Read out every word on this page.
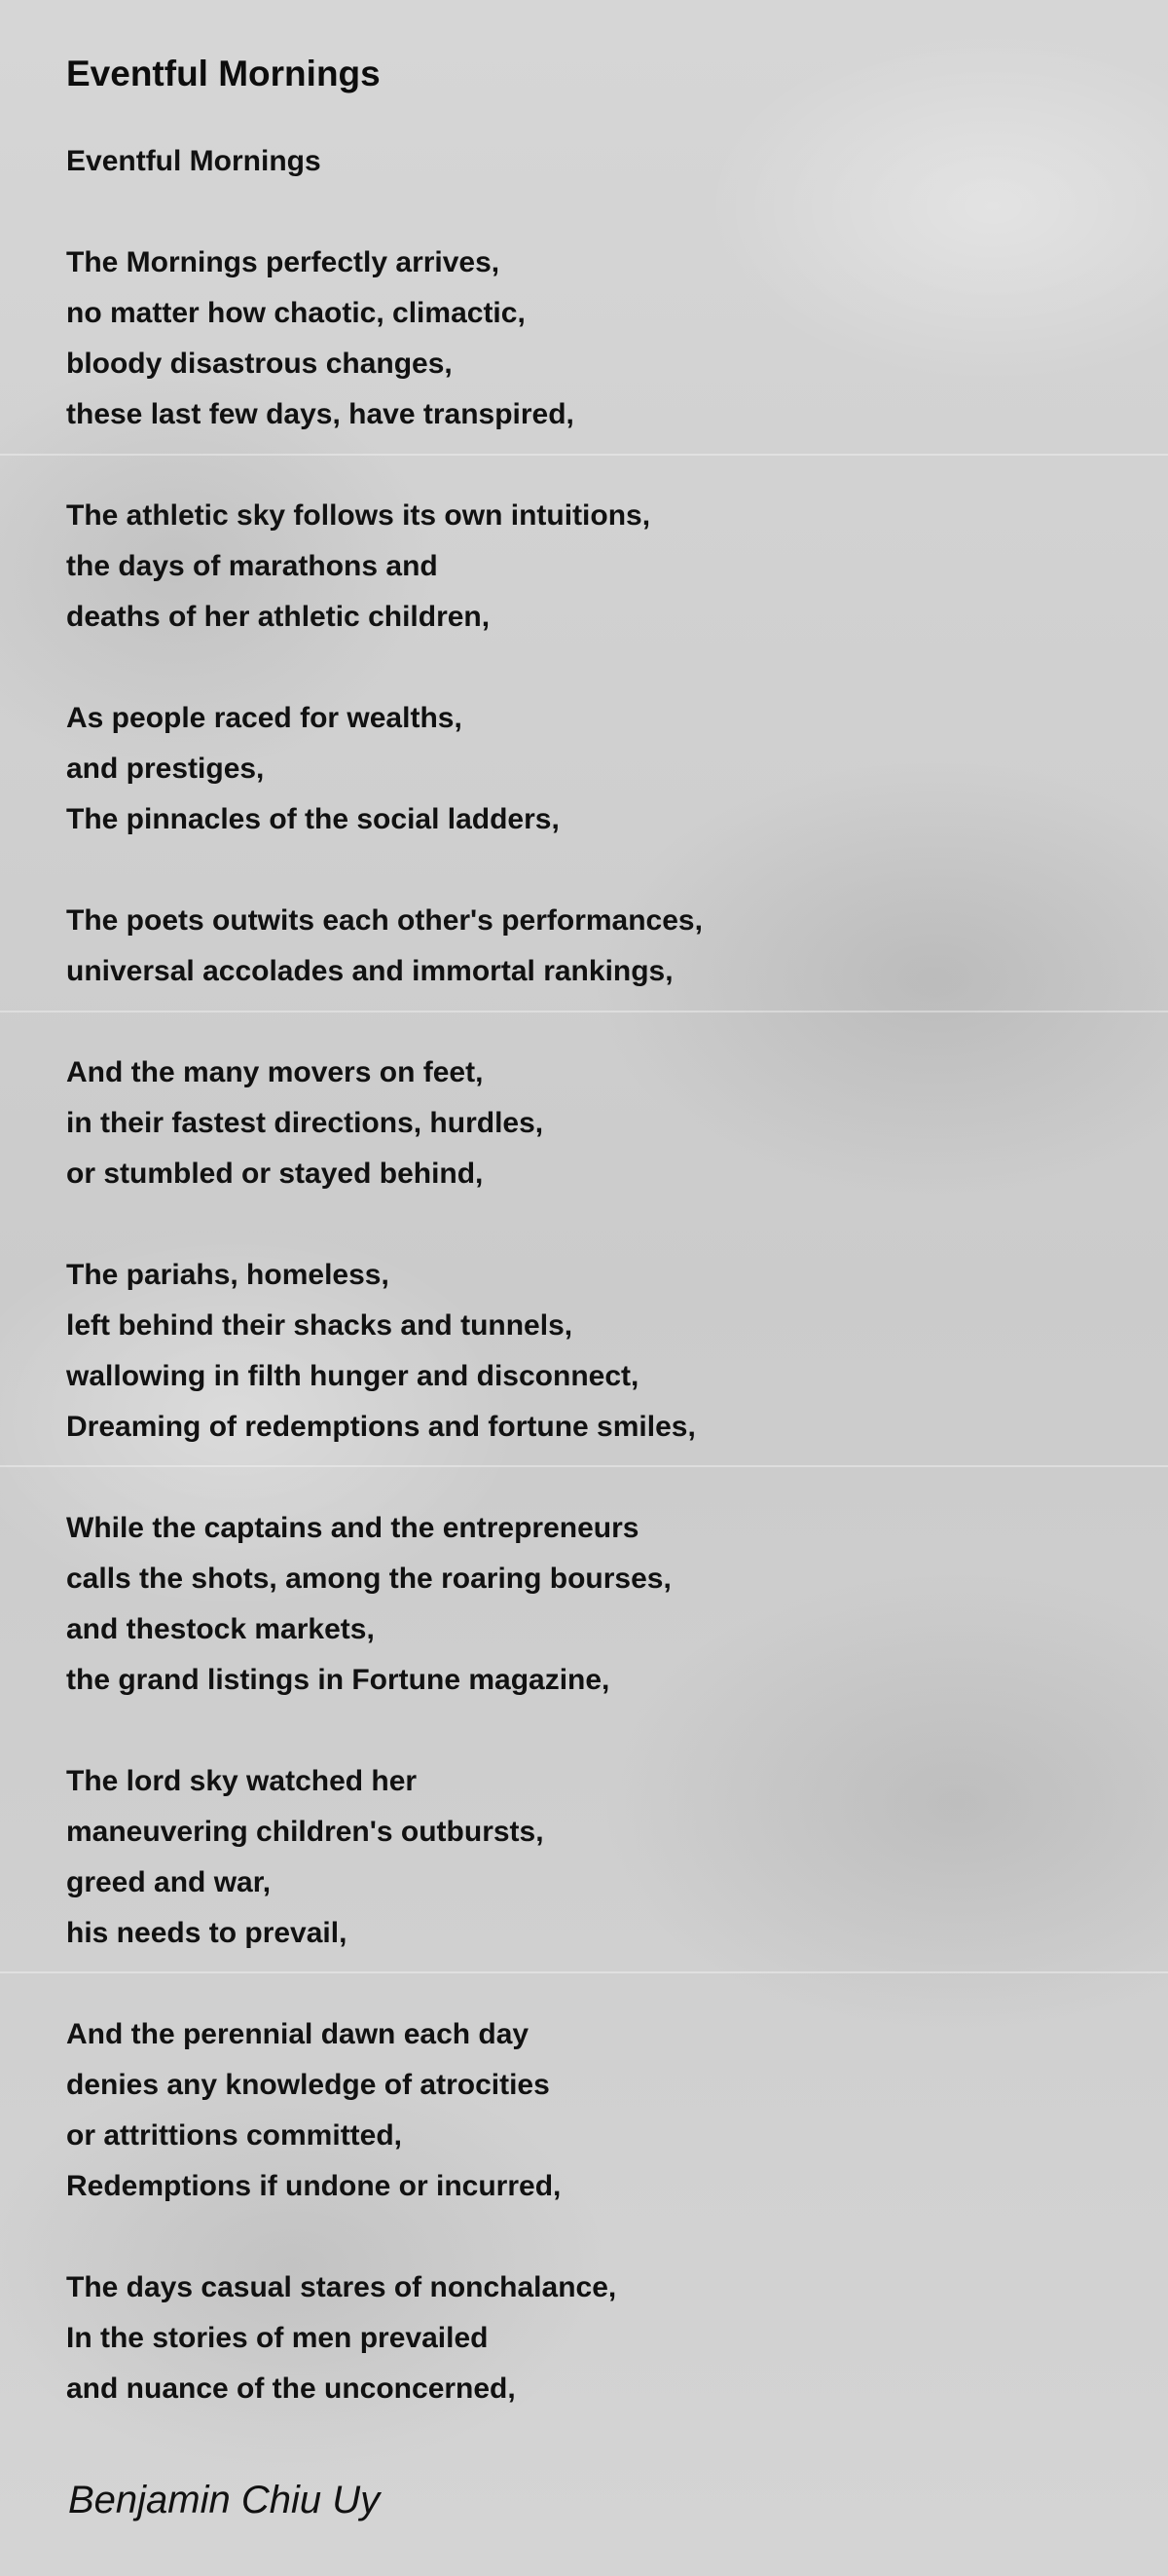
Eventful Mornings
Eventful Mornings
The Mornings perfectly arrives,
no matter how chaotic, climactic,
bloody disastrous changes,
these last few days, have transpired,
The athletic sky follows its own intuitions,
the days of marathons and
deaths of her athletic children,
As people raced for wealths,
and prestiges,
The pinnacles of the social ladders,
The poets outwits each other's performances,
universal accolades and immortal rankings,
And the many movers on feet,
in their fastest directions, hurdles,
or stumbled or stayed behind,
The pariahs, homeless,
left behind their shacks and tunnels,
wallowing in filth hunger and disconnect,
Dreaming of redemptions and fortune smiles,
While the captains and the entrepreneurs
calls the shots, among the roaring bourses,
and thestock markets,
the grand listings in Fortune magazine,
The lord sky watched her
maneuvering children's outbursts,
greed and war,
his needs to prevail,
And the perennial dawn each day
denies any knowledge of atrocities
or attrittions committed,
Redemptions if undone or incurred,
The days casual stares of nonchalance,
In the stories of men prevailed
and nuance of the unconcerned,
Benjamin Chiu Uy
